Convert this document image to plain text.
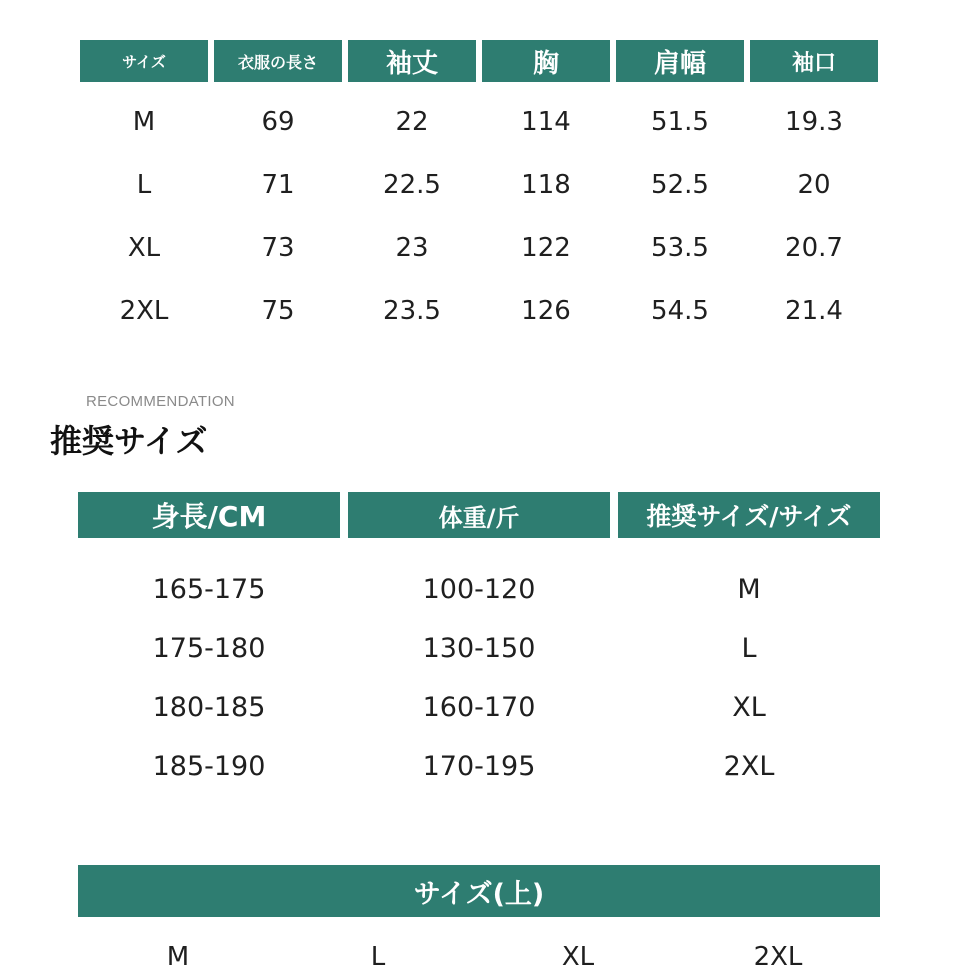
サイズ	衣服の長さ	袖丈	胸	肩幅	袖口
M	69	22	114	51.5	19.3
L	71	22.5	118	52.5	20
XL	73	23	122	53.5	20.7
2XL	75	23.5	126	54.5	21.4
RECOMMENDATION
推奨サイズ
身長/CM	体重/斤	推奨サイズ/サイズ
165-175	100-120	M
175-180	130-150	L
180-185	160-170	XL
185-190	170-195	2XL
サイズ(上)
M	L	XL	2XL
